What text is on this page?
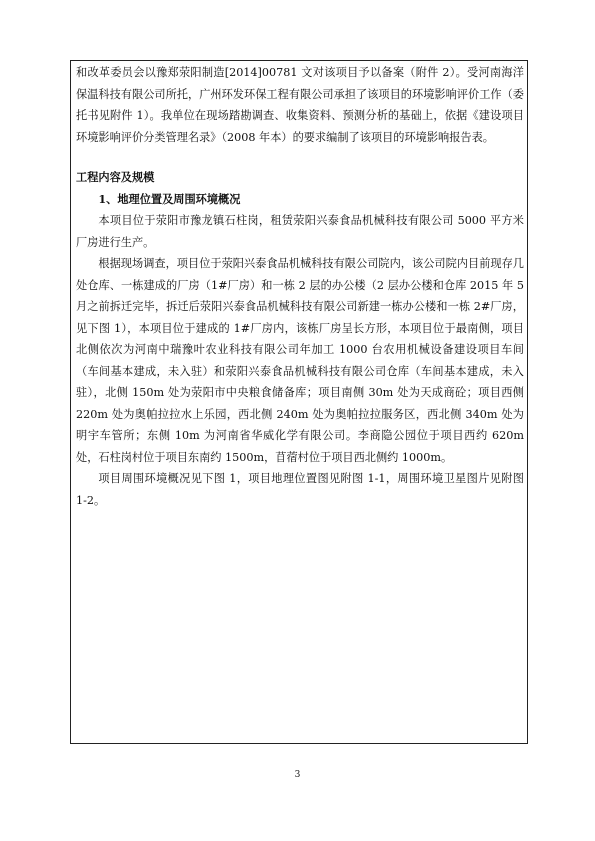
和改革委员会以豫郑荥阳制造[2014]00781 文对该项目予以备案（附件 2）。受河南海洋保温科技有限公司所托，广州环发环保工程有限公司承担了该项目的环境影响评价工作（委托书见附件 1）。我单位在现场踏勘调查、收集资料、预测分析的基础上，依据《建设项目环境影响评价分类管理名录》（2008 年本）的要求编制了该项目的环境影响报告表。

工程内容及规模

1、地理位置及周围环境概况

本项目位于荥阳市豫龙镇石柱岗，租赁荥阳兴泰食品机械科技有限公司 5000 平方米厂房进行生产。

根据现场调查，项目位于荥阳兴泰食品机械科技有限公司院内，该公司院内目前现存几处仓库、一栋建成的厂房（1#厂房）和一栋 2 层的办公楼（2 层办公楼和仓库 2015 年 5 月之前拆迁完毕，拆迁后荥阳兴泰食品机械科技有限公司新建一栋办公楼和一栋 2#厂房，见下图 1），本项目位于建成的 1#厂房内，该栋厂房呈长方形，本项目位于最南侧，项目北侧依次为河南中瑞豫叶农业科技有限公司年加工 1000 台农用机械设备建设项目车间（车间基本建成，未入驻）和荥阳兴泰食品机械科技有限公司仓库（车间基本建成，未入驻），北侧 150m 处为荥阳市中央粮食储备库；项目南侧 30m 处为天成商砼；项目西侧 220m 处为奥帕拉拉水上乐园，西北侧 240m 处为奥帕拉拉服务区，西北侧 340m 处为明宇车管所；东侧 10m 为河南省华威化学有限公司。李商隐公园位于项目西约 620m 处，石柱岗村位于项目东南约 1500m，苜蓿村位于项目西北侧约 1000m。

项目周围环境概况见下图 1，项目地理位置图见附图 1-1，周围环境卫星图片见附图 1-2。

3
